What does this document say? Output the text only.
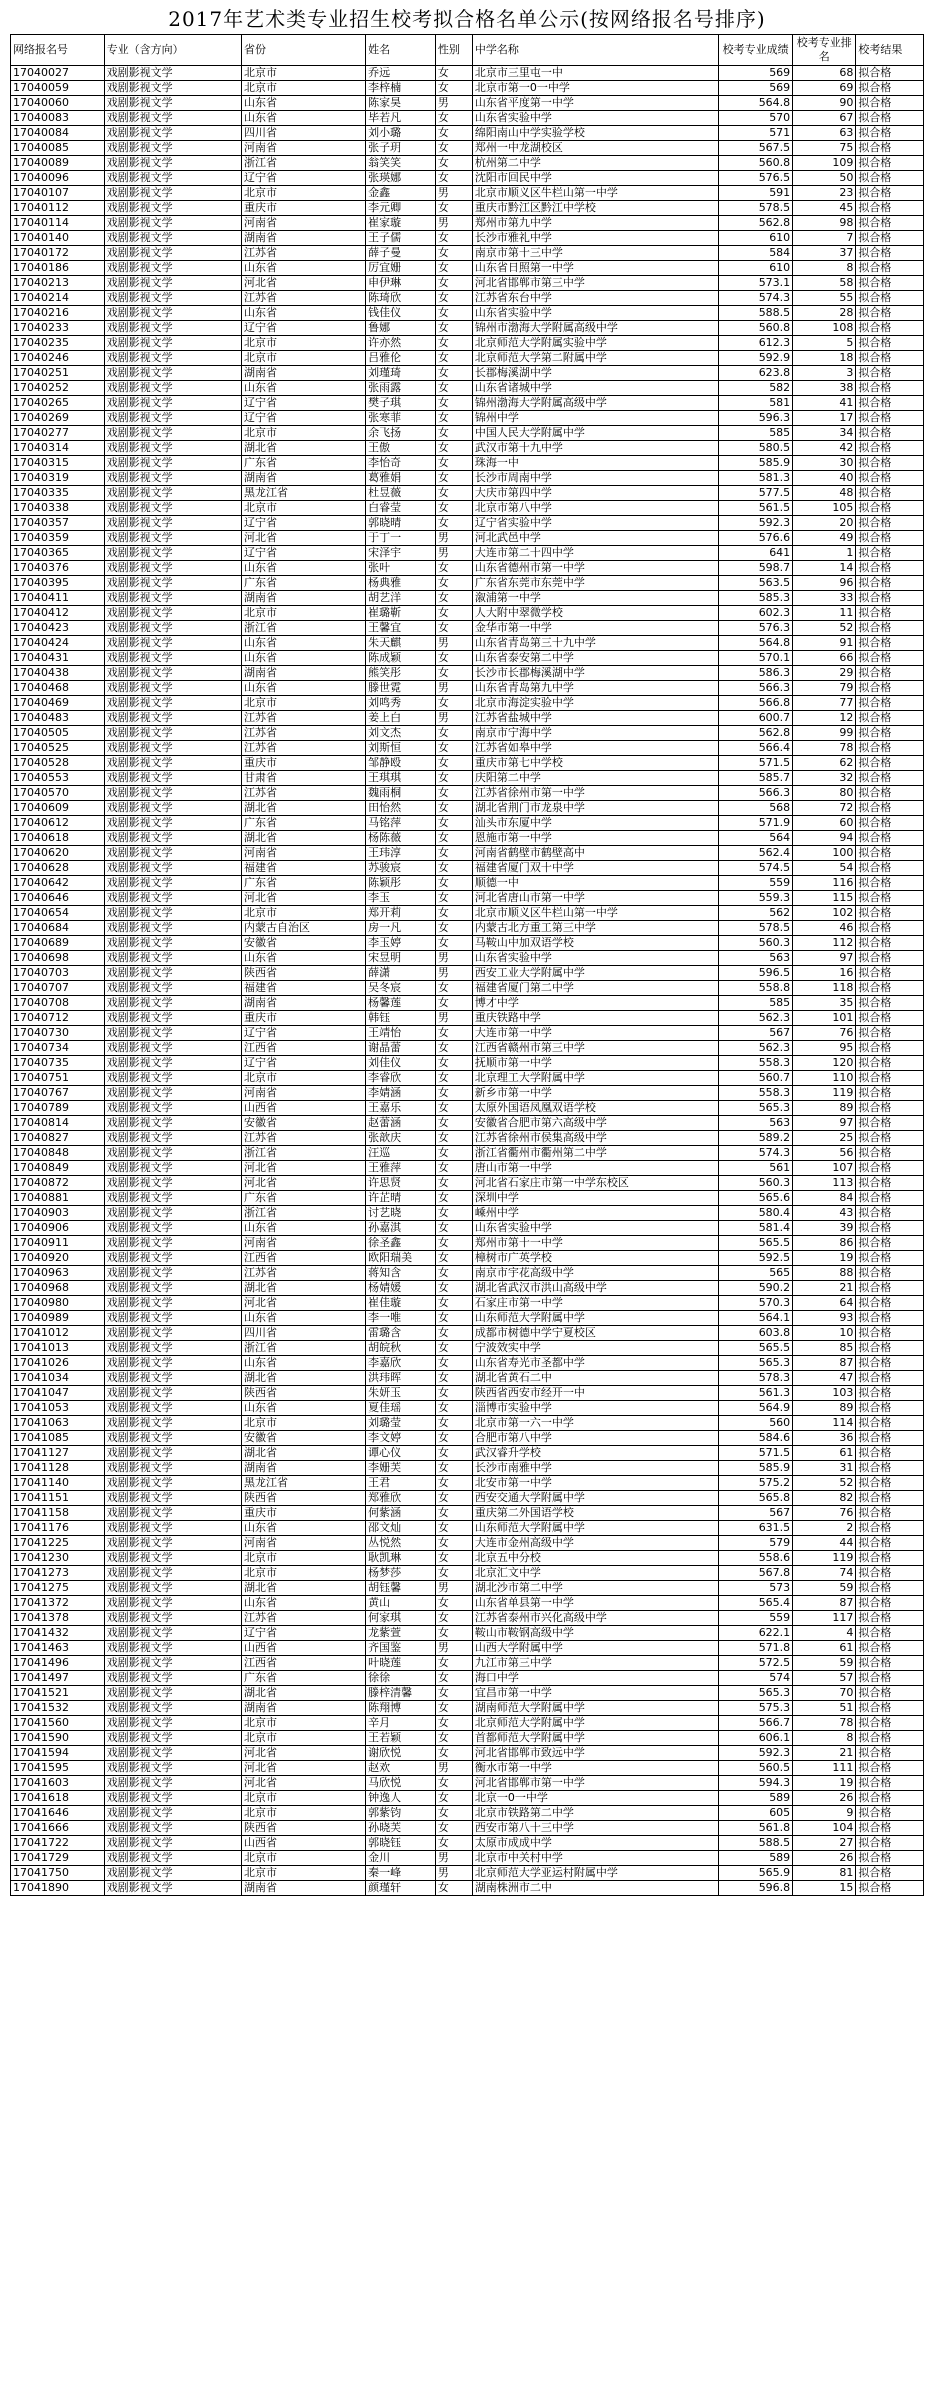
2017年艺术类专业招生校考拟合格名单公示(按网络报名号排序)
网络报名号	专业（含方向）	省份	姓名	性别	中学名称	校考专业成绩	校考专业排名	校考结果
17040027	戏剧影视文学	北京市	乔远	女	北京市三里屯一中	569	68	拟合格
17040059	戏剧影视文学	北京市	李梓楠	女	北京市第一0一中学	569	69	拟合格
17040060	戏剧影视文学	山东省	陈家昊	男	山东省平度第一中学	564.8	90	拟合格
17040083	戏剧影视文学	山东省	毕若凡	女	山东省实验中学	570	67	拟合格
17040084	戏剧影视文学	四川省	刘小璐	女	绵阳南山中学实验学校	571	63	拟合格
17040085	戏剧影视文学	河南省	张子玥	女	郑州一中龙湖校区	567.5	75	拟合格
17040089	戏剧影视文学	浙江省	翁笑笑	女	杭州第二中学	560.8	109	拟合格
17040096	戏剧影视文学	辽宁省	张瑛娜	女	沈阳市回民中学	576.5	50	拟合格
17040107	戏剧影视文学	北京市	金鑫	男	北京市顺义区牛栏山第一中学	591	23	拟合格
17040112	戏剧影视文学	重庆市	李元卿	女	重庆市黔江区黔江中学校	578.5	45	拟合格
17040114	戏剧影视文学	河南省	崔家璇	男	郑州市第九中学	562.8	98	拟合格
17040140	戏剧影视文学	湖南省	王子儒	女	长沙市雅礼中学	610	7	拟合格
17040172	戏剧影视文学	江苏省	薛子曼	女	南京市第十三中学	584	37	拟合格
17040186	戏剧影视文学	山东省	厉宜姗	女	山东省日照第一中学	610	8	拟合格
17040213	戏剧影视文学	河北省	申伊琳	女	河北省邯郸市第三中学	573.1	58	拟合格
17040214	戏剧影视文学	江苏省	陈琦欣	女	江苏省东台中学	574.3	55	拟合格
17040216	戏剧影视文学	山东省	钱佳仪	女	山东省实验中学	588.5	28	拟合格
17040233	戏剧影视文学	辽宁省	鲁娜	女	锦州市渤海大学附属高级中学	560.8	108	拟合格
17040235	戏剧影视文学	北京市	许亦然	女	北京师范大学附属实验中学	612.3	5	拟合格
17040246	戏剧影视文学	北京市	吕雅伦	女	北京师范大学第二附属中学	592.9	18	拟合格
17040251	戏剧影视文学	湖南省	刘瑾琦	女	长郡梅溪湖中学	623.8	3	拟合格
17040252	戏剧影视文学	山东省	张雨露	女	山东省诸城中学	582	38	拟合格
17040265	戏剧影视文学	辽宁省	樊子琪	女	锦州渤海大学附属高级中学	581	41	拟合格
17040269	戏剧影视文学	辽宁省	张寒菲	女	锦州中学	596.3	17	拟合格
17040277	戏剧影视文学	北京市	余飞扬	女	中国人民大学附属中学	585	34	拟合格
17040314	戏剧影视文学	湖北省	王傲	女	武汉市第十九中学	580.5	42	拟合格
17040315	戏剧影视文学	广东省	李怡奇	女	珠海一中	585.9	30	拟合格
17040319	戏剧影视文学	湖南省	葛雅娟	女	长沙市周南中学	581.3	40	拟合格
17040335	戏剧影视文学	黑龙江省	杜昱薇	女	大庆市第四中学	577.5	48	拟合格
17040338	戏剧影视文学	北京市	白睿莹	女	北京市第八中学	561.5	105	拟合格
17040357	戏剧影视文学	辽宁省	郭晓晴	女	辽宁省实验中学	592.3	20	拟合格
17040359	戏剧影视文学	河北省	于丁一	男	河北武邑中学	576.6	49	拟合格
17040365	戏剧影视文学	辽宁省	宋泽宇	男	大连市第二十四中学	641	1	拟合格
17040376	戏剧影视文学	山东省	张叶	女	山东省德州市第一中学	598.7	14	拟合格
17040395	戏剧影视文学	广东省	杨典雅	女	广东省东莞市东莞中学	563.5	96	拟合格
17040411	戏剧影视文学	湖南省	胡艺洋	女	溆浦第一中学	585.3	33	拟合格
17040412	戏剧影视文学	北京市	崔璐靳	女	人大附中翠微学校	602.3	11	拟合格
17040423	戏剧影视文学	浙江省	王馨宜	女	金华市第一中学	576.3	52	拟合格
17040424	戏剧影视文学	山东省	朱天麒	男	山东省青岛第三十九中学	564.8	91	拟合格
17040431	戏剧影视文学	山东省	陈成颖	女	山东省泰安第二中学	570.1	66	拟合格
17040438	戏剧影视文学	湖南省	熊笑彤	女	长沙市长郡梅溪湖中学	586.3	29	拟合格
17040468	戏剧影视文学	山东省	滕世霓	男	山东省青岛第九中学	566.3	79	拟合格
17040469	戏剧影视文学	北京市	刘鸣秀	女	北京市海淀实验中学	566.8	77	拟合格
17040483	戏剧影视文学	江苏省	姜上白	男	江苏省盐城中学	600.7	12	拟合格
17040505	戏剧影视文学	江苏省	刘文杰	女	南京市宁海中学	562.8	99	拟合格
17040525	戏剧影视文学	江苏省	刘斯恒	女	江苏省如皋中学	566.4	78	拟合格
17040528	戏剧影视文学	重庆市	邹静殴	女	重庆市第七中学校	571.5	62	拟合格
17040553	戏剧影视文学	甘肃省	王琪琪	女	庆阳第二中学	585.7	32	拟合格
17040570	戏剧影视文学	江苏省	魏雨桐	女	江苏省徐州市第一中学	566.3	80	拟合格
17040609	戏剧影视文学	湖北省	田怡然	女	湖北省荆门市龙泉中学	568	72	拟合格
17040612	戏剧影视文学	广东省	马铭萍	女	汕头市东厦中学	571.9	60	拟合格
17040618	戏剧影视文学	湖北省	杨陈薇	女	恩施市第一中学	564	94	拟合格
17040620	戏剧影视文学	河南省	王玮淳	女	河南省鹤壁市鹤壁高中	562.4	100	拟合格
17040628	戏剧影视文学	福建省	苏骏宸	女	福建省厦门双十中学	574.5	54	拟合格
17040642	戏剧影视文学	广东省	陈颖彤	女	顺德一中	559	116	拟合格
17040646	戏剧影视文学	河北省	李玉	女	河北省唐山市第一中学	559.3	115	拟合格
17040654	戏剧影视文学	北京市	郑开莉	女	北京市顺义区牛栏山第一中学	562	102	拟合格
17040684	戏剧影视文学	内蒙古自治区	房一凡	女	内蒙古北方重工第三中学	578.5	46	拟合格
17040689	戏剧影视文学	安徽省	李玉婷	女	马鞍山中加双语学校	560.3	112	拟合格
17040698	戏剧影视文学	山东省	宋昱明	男	山东省实验中学	563	97	拟合格
17040703	戏剧影视文学	陕西省	薛潇	男	西安工业大学附属中学	596.5	16	拟合格
17040707	戏剧影视文学	福建省	吴冬宸	女	福建省厦门第二中学	558.8	118	拟合格
17040708	戏剧影视文学	湖南省	杨馨莲	女	博才中学	585	35	拟合格
17040712	戏剧影视文学	重庆市	韩钰	男	重庆铁路中学	562.3	101	拟合格
17040730	戏剧影视文学	辽宁省	王靖怡	女	大连市第一中学	567	76	拟合格
17040734	戏剧影视文学	江西省	谢晶蕾	女	江西省赣州市第三中学	562.3	95	拟合格
17040735	戏剧影视文学	辽宁省	刘佳仪	女	抚顺市第一中学	558.3	120	拟合格
17040751	戏剧影视文学	北京市	李睿欣	女	北京理工大学附属中学	560.7	110	拟合格
17040767	戏剧影视文学	河南省	李婧涵	女	新乡市第一中学	558.3	119	拟合格
17040789	戏剧影视文学	山西省	王嘉乐	女	太原外国语凤凰双语学校	565.3	89	拟合格
17040814	戏剧影视文学	安徽省	赵蕾涵	女	安徽省合肥市第六高级中学	563	97	拟合格
17040827	戏剧影视文学	江苏省	张歆庆	女	江苏省徐州市侯集高级中学	589.2	25	拟合格
17040848	戏剧影视文学	浙江省	汪巡	女	浙江省衢州市衢州第二中学	574.3	56	拟合格
17040849	戏剧影视文学	河北省	王雅萍	女	唐山市第一中学	561	107	拟合格
17040872	戏剧影视文学	河北省	许思贤	女	河北省石家庄市第一中学东校区	560.3	113	拟合格
17040881	戏剧影视文学	广东省	许芷晴	女	深圳中学	565.6	84	拟合格
17040903	戏剧影视文学	浙江省	讨艺晓	女	嵊州中学	580.4	43	拟合格
17040906	戏剧影视文学	山东省	孙嘉淇	女	山东省实验中学	581.4	39	拟合格
17040911	戏剧影视文学	河南省	徐圣鑫	女	郑州市第十一中学	565.5	86	拟合格
17040920	戏剧影视文学	江西省	欧阳瑞美	女	樟树市广英学校	592.5	19	拟合格
17040963	戏剧影视文学	江苏省	蒋知含	女	南京市宇花高级中学	565	88	拟合格
17040968	戏剧影视文学	湖北省	杨婧媛	女	湖北省武汉市洪山高级中学	590.2	21	拟合格
17040980	戏剧影视文学	河北省	崔佳璇	女	石家庄市第一中学	570.3	64	拟合格
17040989	戏剧影视文学	山东省	李一唯	女	山东师范大学附属中学	564.1	93	拟合格
17041012	戏剧影视文学	四川省	雷璐含	女	成都市树德中学宁夏校区	603.8	10	拟合格
17041013	戏剧影视文学	浙江省	胡皖秋	女	宁波效实中学	565.5	85	拟合格
17041026	戏剧影视文学	山东省	李嘉欣	女	山东省寿光市圣都中学	565.3	87	拟合格
17041034	戏剧影视文学	湖北省	洪玮晖	女	湖北省黄石二中	578.3	47	拟合格
17041047	戏剧影视文学	陕西省	朱妍玉	女	陕西省西安市经开一中	561.3	103	拟合格
17041053	戏剧影视文学	山东省	夏佳瑶	女	淄博市实验中学	564.9	89	拟合格
17041063	戏剧影视文学	北京市	刘璐莹	女	北京市第一六一中学	560	114	拟合格
17041085	戏剧影视文学	安徽省	李文婷	女	合肥市第八中学	584.6	36	拟合格
17041127	戏剧影视文学	湖北省	谭心仪	女	武汉睿升学校	571.5	61	拟合格
17041128	戏剧影视文学	湖南省	李姗芙	女	长沙市南雅中学	585.9	31	拟合格
17041140	戏剧影视文学	黑龙江省	王君	女	北安市第一中学	575.2	52	拟合格
17041151	戏剧影视文学	陕西省	郑雅欣	女	西安交通大学附属中学	565.8	82	拟合格
17041158	戏剧影视文学	重庆市	何紫涵	女	重庆第二外国语学校	567	76	拟合格
17041176	戏剧影视文学	山东省	邵文灿	女	山东师范大学附属中学	631.5	2	拟合格
17041225	戏剧影视文学	河南省	丛悦然	女	大连市金州高级中学	579	44	拟合格
17041230	戏剧影视文学	北京市	耿凯琳	女	北京五中分校	558.6	119	拟合格
17041273	戏剧影视文学	北京市	杨梦莎	女	北京汇文中学	567.8	74	拟合格
17041275	戏剧影视文学	湖北省	胡钰馨	男	湖北沙市第二中学	573	59	拟合格
17041372	戏剧影视文学	山东省	黄山	女	山东省单县第一中学	565.4	87	拟合格
17041378	戏剧影视文学	江苏省	何家琪	女	江苏省泰州市兴化高级中学	559	117	拟合格
17041432	戏剧影视文学	辽宁省	龙紫萱	女	鞍山市鞍钢高级中学	622.1	4	拟合格
17041463	戏剧影视文学	山西省	齐国鉴	男	山西大学附属中学	571.8	61	拟合格
17041496	戏剧影视文学	江西省	叶晓莲	女	九江市第三中学	572.5	59	拟合格
17041497	戏剧影视文学	广东省	徐徐	女	海口中学	574	57	拟合格
17041521	戏剧影视文学	湖北省	滕梓清馨	女	宜昌市第一中学	565.3	70	拟合格
17041532	戏剧影视文学	湖南省	陈翔博	女	湖南师范大学附属中学	575.3	51	拟合格
17041560	戏剧影视文学	北京市	辛月	女	北京师范大学附属中学	566.7	78	拟合格
17041590	戏剧影视文学	北京市	王若颖	女	首都师范大学附属中学	606.1	8	拟合格
17041594	戏剧影视文学	河北省	谢欣悦	女	河北省邯郸市致远中学	592.3	21	拟合格
17041595	戏剧影视文学	河北省	赵欢	男	衡水市第一中学	560.5	111	拟合格
17041603	戏剧影视文学	河北省	马欣悦	女	河北省邯郸市第一中学	594.3	19	拟合格
17041618	戏剧影视文学	北京市	钟逸人	女	北京一0一中学	589	26	拟合格
17041646	戏剧影视文学	北京市	郭紫钧	女	北京市铁路第二中学	605	9	拟合格
17041666	戏剧影视文学	陕西省	孙晓芙	女	西安市第八十三中学	561.8	104	拟合格
17041722	戏剧影视文学	山西省	郭晓钰	女	太原市成成中学	588.5	27	拟合格
17041729	戏剧影视文学	北京市	金川	男	北京市中关村中学	589	26	拟合格
17041750	戏剧影视文学	北京市	秦一峰	男	北京师范大学亚运村附属中学	565.9	81	拟合格
17041890	戏剧影视文学	湖南省	颜瑾轩	女	湖南株洲市二中	596.8	15	拟合格
